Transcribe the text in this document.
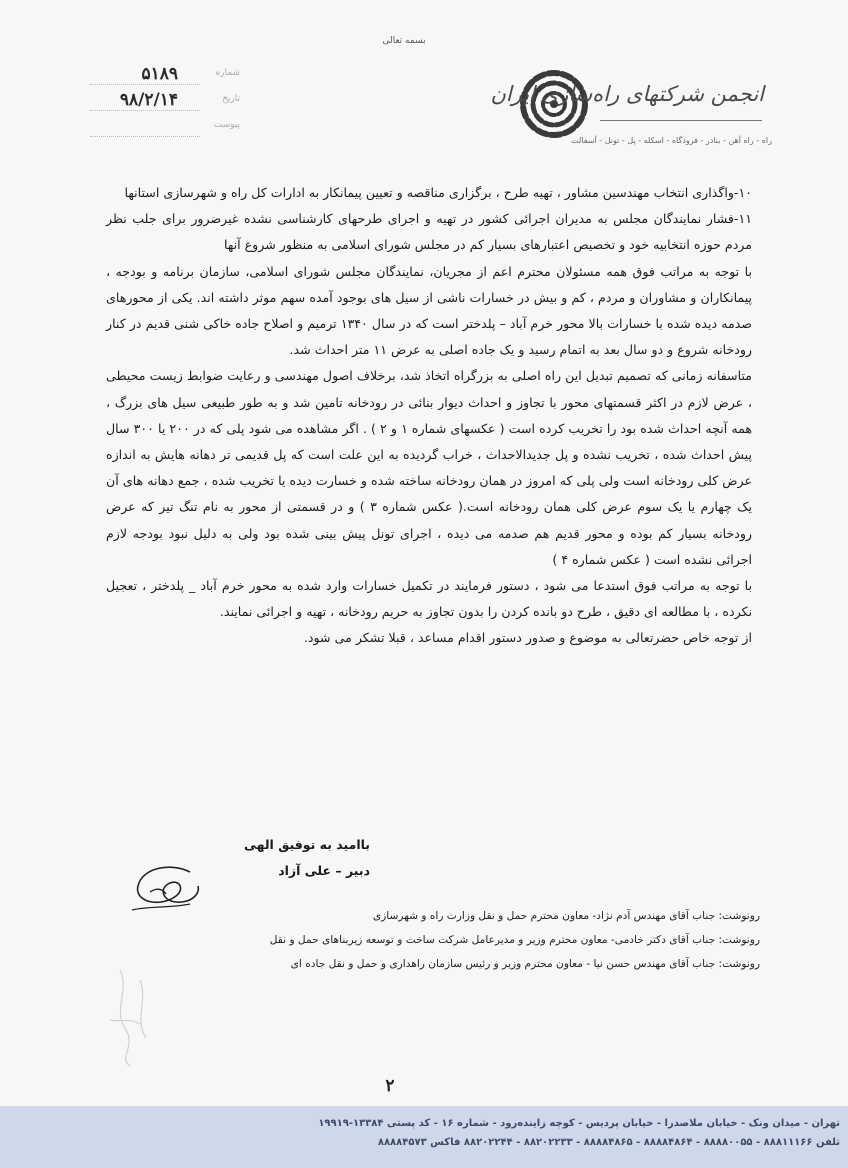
بسمه تعالی
شماره
۵۱۸۹
تاریخ
۹۸/۲/۱۴
پیوست
انجمن شرکتهای راه‌سازی ایران
راه - راه آهن - بنادر - فرودگاه - اسکله - پل - تونل - آسفالت

۱۰-واگذاری انتخاب مهندسین مشاور ، تهیه طرح ، برگزاری مناقصه و تعیین پیمانکار به ادارات کل راه و شهرسازی استانها

۱۱-فشار نمایندگان مجلس به مدیران اجرائی کشور در تهیه و اجرای طرحهای کارشناسی نشده غیرضرور برای جلب نظر مردم حوزه انتخابیه خود و تخصیص اعتبارهای بسیار کم در مجلس شورای اسلامی به منظور شروع آنها

با توجه به مراتب فوق همه مسئولان محترم اعم از مجریان، نمایندگان مجلس شورای اسلامی، سازمان برنامه و بودجه ، پیمانکاران و مشاوران و مردم ، کم و بیش در خسارات ناشی از سیل های بوجود آمده سهم موثر داشته اند. یکی از محورهای صدمه دیده شده با خسارات بالا محور خرم آباد – پلدختر است که در سال ۱۳۴۰ ترمیم و اصلاح جاده خاکی شنی قدیم در کنار رودخانه شروع و دو سال بعد به اتمام رسید و یک جاده اصلی به عرض ۱۱ متر احداث شد.

متاسفانه زمانی که تصمیم تبدیل این راه اصلی به بزرگراه اتخاذ شد، برخلاف اصول مهندسی و رعایت ضوابط زیست محیطی ، عرض لازم در اکثر قسمتهای محور با تجاوز و احداث دیوار بنائی در رودخانه تامین شد و به طور طبیعی سیل های بزرگ ، همه آنچه احداث شده بود را تخریب کرده است ( عکسهای شماره ۱ و ۲ ) . اگر مشاهده می شود پلی که در ۲۰۰ یا ۳۰۰ سال پیش احداث شده ، تخریب نشده و پل جدیدالاحداث ، خراب گردیده به این علت است که پل قدیمی تر دهانه هایش به اندازه عرض کلی رودخانه است ولی پلی که امروز در همان رودخانه ساخته شده و خسارت دیده یا تخریب شده ، جمع دهانه های آن یک چهارم یا یک سوم عرض کلی همان رودخانه است.( عکس شماره ۳ ) و در قسمتی از محور به نام تنگ تیر که عرض رودخانه بسیار کم بوده و محور قدیم هم صدمه می دیده ، اجرای تونل پیش بینی شده بود ولی به دلیل نبود بودجه لازم اجرائی نشده است ( عکس شماره ۴ )

با توجه به مراتب فوق استدعا می شود ، دستور فرمایند در تکمیل خسارات وارد شده به محور خرم آباد _ پلدختر ، تعجیل نکرده ، با مطالعه ای دقیق ، طرح دو بانده کردن را بدون تجاوز به حریم رودخانه ، تهیه و اجرائی نمایند.

از توجه خاص حضرتعالی به موضوع و صدور دستور اقدام مساعد ، قبلا تشکر می شود.

باامید به توفیق الهی
دبیر – علی آزاد
رونوشت: جناب آقای مهندس آدم نژاد- معاون محترم حمل و نقل وزارت راه و شهرسازی
رونوشت: جناب آقای دکتر خادمی- معاون محترم وزیر و مدیرعامل شرکت ساخت و توسعه زیربناهای حمل و نقل
رونوشت: جناب آقای مهندس حسن نیا - معاون محترم وزیر و رئیس سازمان راهداری و حمل و نقل جاده ای
۲
تهران - میدان ونک - خیابان ملاصدرا - خیابان پردیس - کوچه زاینده‌رود - شماره ۱۶ - کد پستی ۱۳۳۸۴-۱۹۹۱۹
تلفن ۸۸۸۱۱۱۶۶ - ۸۸۸۸۰۰۵۵ - ۸۸۸۸۴۸۶۴ - ۸۸۸۸۴۸۶۵ - ۸۸۲۰۲۲۳۳ - ۸۸۲۰۲۲۴۴ فاکس ۸۸۸۸۴۵۷۳
